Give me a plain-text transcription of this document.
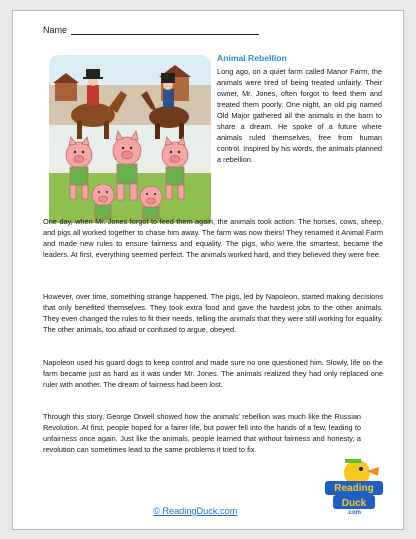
Name
Animal Rebellion

Long ago, on a quiet farm called Manor Farm, the animals were tired of being treated unfairly. Their owner, Mr. Jones, often forgot to feed them and treated them poorly. One night, an old pig named Old Major gathered all the animals in the barn to share a dream. He spoke of a future where animals ruled themselves, free from human control. Inspired by his words, the animals planned a rebellion.

One day, when Mr. Jones forgot to feed them again, the animals took action. The horses, cows, sheep, and pigs all worked together to chase him away. The farm was now theirs! They renamed it Animal Farm and made new rules to ensure fairness and equality. The pigs, who were the smartest, became the leaders. At first, everything seemed perfect. The animals worked hard, and they believed they were free.

However, over time, something strange happened. The pigs, led by Napoleon, started making decisions that only benefited themselves. They took extra food and gave the hardest jobs to the other animals. They even changed the rules to fit their needs, telling the animals that they were still working for equality. The other animals, too afraid or confused to argue, obeyed.

Napoleon used his guard dogs to keep control and made sure no one questioned him. Slowly, life on the farm became just as hard as it was under Mr. Jones. The animals realized they had only replaced one ruler with another. The dream of fairness had been lost.

Through this story, George Orwell showed how the animals' rebellion was much like the Russian Revolution. At first, people hoped for a fairer life, but power fell into the hands of a few, leading to unfairness once again. Just like the animals, people learned that without fairness and honesty, a revolution can sometimes lead to the same problems it tried to fix.

Reading
Duck
.com
© ReadingDuck.com
